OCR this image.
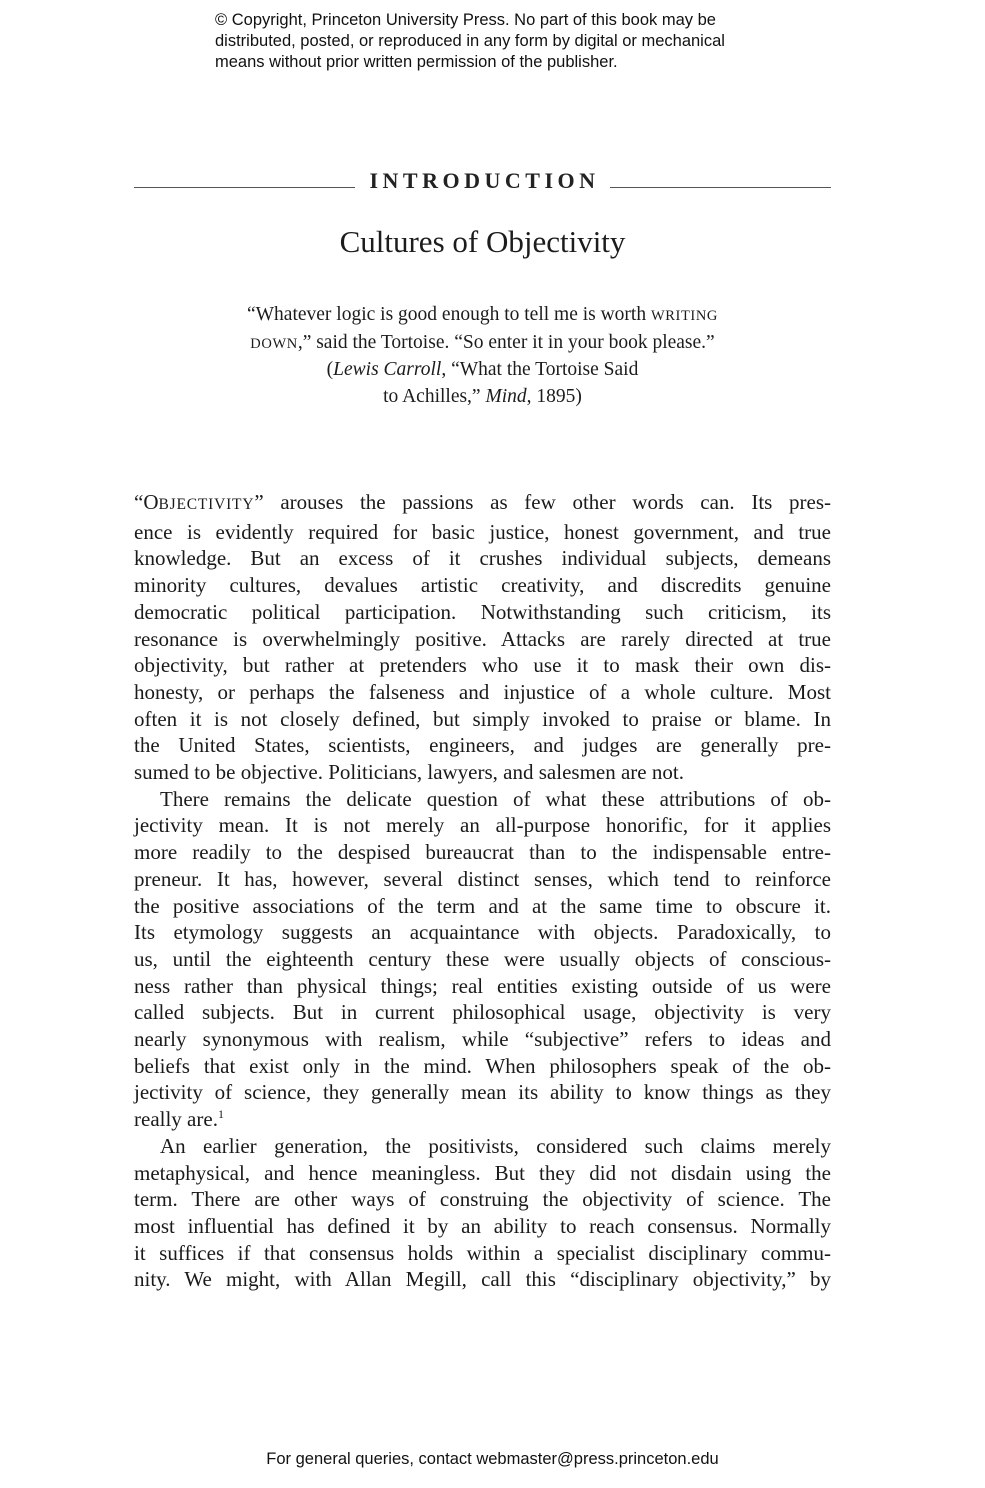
© Copyright, Princeton University Press. No part of this book may be
distributed, posted, or reproduced in any form by digital or mechanical
means without prior written permission of the publisher.
INTRODUCTION
Cultures of Objectivity
“Whatever logic is good enough to tell me is worth WRITING
DOWN,” said the Tortoise. “So enter it in your book please.”
(Lewis Carroll, “What the Tortoise Said
to Achilles,” Mind, 1895)
“OBJECTIVITY” arouses the passions as few other words can. Its pres-
ence is evidently required for basic justice, honest government, and true
knowledge. But an excess of it crushes individual subjects, demeans
minority cultures, devalues artistic creativity, and discredits genuine
democratic political participation. Notwithstanding such criticism, its
resonance is overwhelmingly positive. Attacks are rarely directed at true
objectivity, but rather at pretenders who use it to mask their own dis-
honesty, or perhaps the falseness and injustice of a whole culture. Most
often it is not closely defined, but simply invoked to praise or blame. In
the United States, scientists, engineers, and judges are generally pre-
sumed to be objective. Politicians, lawyers, and salesmen are not.
There remains the delicate question of what these attributions of ob-
jectivity mean. It is not merely an all-purpose honorific, for it applies
more readily to the despised bureaucrat than to the indispensable entre-
preneur. It has, however, several distinct senses, which tend to reinforce
the positive associations of the term and at the same time to obscure it.
Its etymology suggests an acquaintance with objects. Paradoxically, to
us, until the eighteenth century these were usually objects of conscious-
ness rather than physical things; real entities existing outside of us were
called subjects. But in current philosophical usage, objectivity is very
nearly synonymous with realism, while “subjective” refers to ideas and
beliefs that exist only in the mind. When philosophers speak of the ob-
jectivity of science, they generally mean its ability to know things as they
really are.$^1$
An earlier generation, the positivists, considered such claims merely
metaphysical, and hence meaningless. But they did not disdain using the
term. There are other ways of construing the objectivity of science. The
most influential has defined it by an ability to reach consensus. Normally
it suffices if that consensus holds within a specialist disciplinary commu-
nity. We might, with Allan Megill, call this “disciplinary objectivity,” by
For general queries, contact webmaster@press.princeton.edu
